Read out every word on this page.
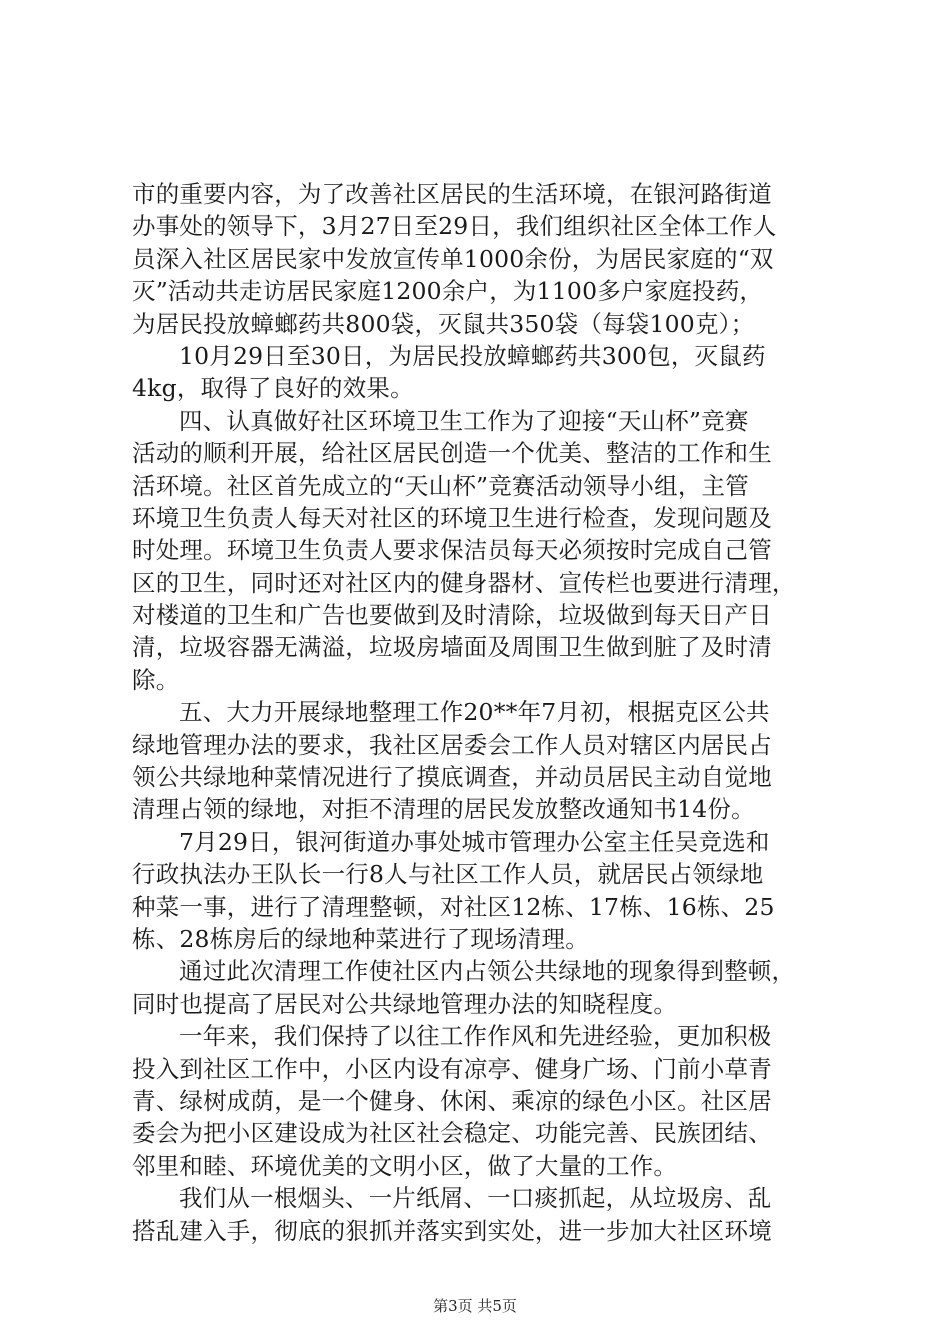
市的重要内容，为了改善社区居民的生活环境，在银河路街道
办事处的领导下，3月27日至29日，我们组织社区全体工作人
员深入社区居民家中发放宣传单1000余份，为居民家庭的“双
灭”活动共走访居民家庭1200余户，为1100多户家庭投药，
为居民投放蟑螂药共800袋，灭鼠共350袋（每袋100克）；
10月29日至30日，为居民投放蟑螂药共300包，灭鼠药
4kg，取得了良好的效果。
四、认真做好社区环境卫生工作为了迎接“天山杯”竞赛
活动的顺利开展，给社区居民创造一个优美、整洁的工作和生
活环境。社区首先成立的“天山杯”竞赛活动领导小组，主管
环境卫生负责人每天对社区的环境卫生进行检查，发现问题及
时处理。环境卫生负责人要求保洁员每天必须按时完成自己管
区的卫生，同时还对社区内的健身器材、宣传栏也要进行清理，
对楼道的卫生和广告也要做到及时清除，垃圾做到每天日产日
清，垃圾容器无满溢，垃圾房墙面及周围卫生做到脏了及时清
除。
五、大力开展绿地整理工作20**年7月初，根据克区公共
绿地管理办法的要求，我社区居委会工作人员对辖区内居民占
领公共绿地种菜情况进行了摸底调查，并动员居民主动自觉地
清理占领的绿地，对拒不清理的居民发放整改通知书14份。
7月29日，银河街道办事处城市管理办公室主任吴竞选和
行政执法办王队长一行8人与社区工作人员，就居民占领绿地
种菜一事，进行了清理整顿，对社区12栋、17栋、16栋、25
栋、28栋房后的绿地种菜进行了现场清理。
通过此次清理工作使社区内占领公共绿地的现象得到整顿，
同时也提高了居民对公共绿地管理办法的知晓程度。
一年来，我们保持了以往工作作风和先进经验，更加积极
投入到社区工作中，小区内设有凉亭、健身广场、门前小草青
青、绿树成荫，是一个健身、休闲、乘凉的绿色小区。社区居
委会为把小区建设成为社区社会稳定、功能完善、民族团结、
邻里和睦、环境优美的文明小区，做了大量的工作。
我们从一根烟头、一片纸屑、一口痰抓起，从垃圾房、乱
搭乱建入手，彻底的狠抓并落实到实处，进一步加大社区环境
第3页 共5页
